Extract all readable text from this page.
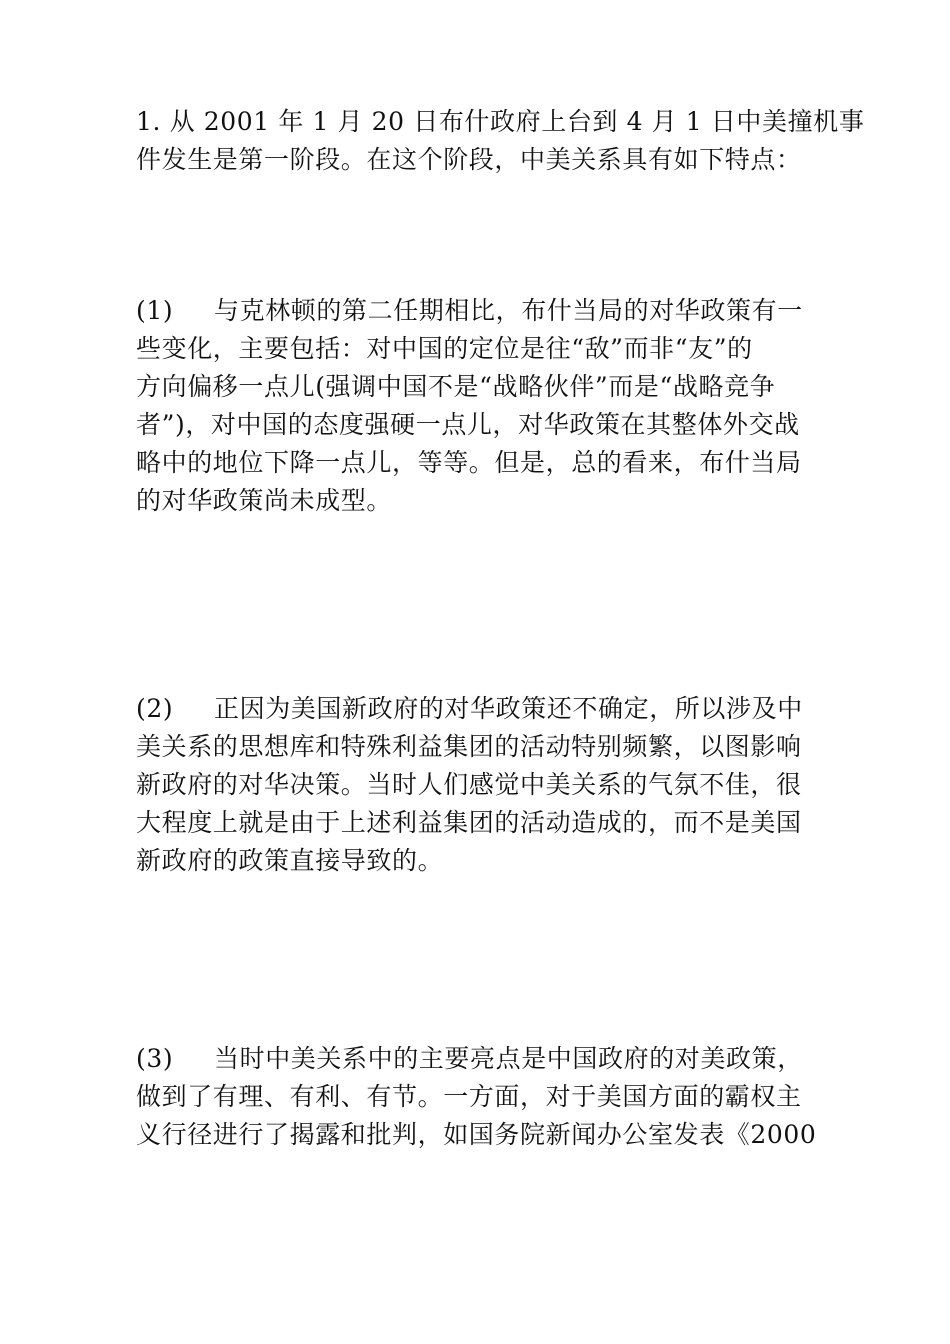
1. 从 2001 年 1 月 20 日布什政府上台到 4 月 1 日中美撞机事
件发生是第一阶段。在这个阶段，中美关系具有如下特点：
(1) 与克林顿的第二任期相比，布什当局的对华政策有一
些变化，主要包括：对中国的定位是往“敌”而非“友”的
方向偏移一点儿(强调中国不是“战略伙伴”而是“战略竞争
者”)，对中国的态度强硬一点儿，对华政策在其整体外交战
略中的地位下降一点儿，等等。但是，总的看来，布什当局
的对华政策尚未成型。
(2) 正因为美国新政府的对华政策还不确定，所以涉及中
美关系的思想库和特殊利益集团的活动特别频繁，以图影响
新政府的对华决策。当时人们感觉中美关系的气氛不佳，很
大程度上就是由于上述利益集团的活动造成的，而不是美国
新政府的政策直接导致的。
(3) 当时中美关系中的主要亮点是中国政府的对美政策，
做到了有理、有利、有节。一方面，对于美国方面的霸权主
义行径进行了揭露和批判，如国务院新闻办公室发表《2000
